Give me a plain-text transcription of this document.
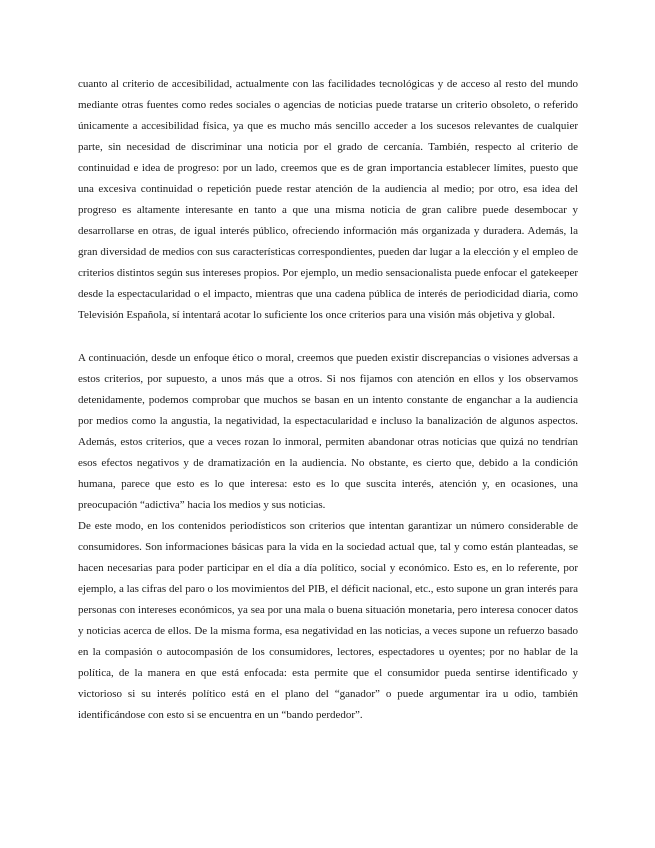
cuanto al criterio de accesibilidad, actualmente con las facilidades tecnológicas y de acceso al resto del mundo mediante otras fuentes como redes sociales o agencias de noticias puede tratarse un criterio obsoleto, o referido únicamente a accesibilidad física, ya que es mucho más sencillo acceder a los sucesos relevantes de cualquier parte, sin necesidad de discriminar una noticia por el grado de cercanía. También, respecto al criterio de continuidad e idea de progreso: por un lado, creemos que es de gran importancia establecer límites, puesto que una excesiva continuidad o repetición puede restar atención de la audiencia al medio; por otro, esa idea del progreso es altamente interesante en tanto a que una misma noticia de gran calibre puede desembocar y desarrollarse en otras, de igual interés público, ofreciendo información más organizada y duradera. Además, la gran diversidad de medios con sus características correspondientes, pueden dar lugar a la elección y el empleo de criterios distintos según sus intereses propios. Por ejemplo, un medio sensacionalista puede enfocar el gatekeeper desde la espectacularidad o el impacto, mientras que una cadena pública de interés de periodicidad diaria, como Televisión Española, sí intentará acotar lo suficiente los once criterios para una visión más objetiva y global.

A continuación, desde un enfoque ético o moral, creemos que pueden existir discrepancias o visiones adversas a estos criterios, por supuesto, a unos más que a otros. Si nos fijamos con atención en ellos y los observamos detenidamente, podemos comprobar que muchos se basan en un intento constante de enganchar a la audiencia por medios como la angustia, la negatividad, la espectacularidad e incluso la banalización de algunos aspectos. Además, estos criterios, que a veces rozan lo inmoral, permiten abandonar otras noticias que quizá no tendrían esos efectos negativos y de dramatización en la audiencia. No obstante, es cierto que, debido a la condición humana, parece que esto es lo que interesa: esto es lo que suscita interés, atención y, en ocasiones, una preocupación “adictiva” hacia los medios y sus noticias.

De este modo, en los contenidos periodísticos son criterios que intentan garantizar un número considerable de consumidores. Son informaciones básicas para la vida en la sociedad actual que, tal y como están planteadas, se hacen necesarias para poder participar en el día a día político, social y económico. Esto es, en lo referente, por ejemplo, a las cifras del paro o los movimientos del PIB, el déficit nacional, etc., esto supone un gran interés para personas con intereses económicos, ya sea por una mala o buena situación monetaria, pero interesa conocer datos y noticias acerca de ellos. De la misma forma, esa negatividad en las noticias, a veces supone un refuerzo basado en la compasión o autocompasión de los consumidores, lectores, espectadores u oyentes; por no hablar de la política, de la manera en que está enfocada: esta permite que el consumidor pueda sentirse identificado y victorioso si su interés político está en el plano del “ganador” o puede argumentar ira u odio, también identificándose con esto si se encuentra en un “bando perdedor”.
